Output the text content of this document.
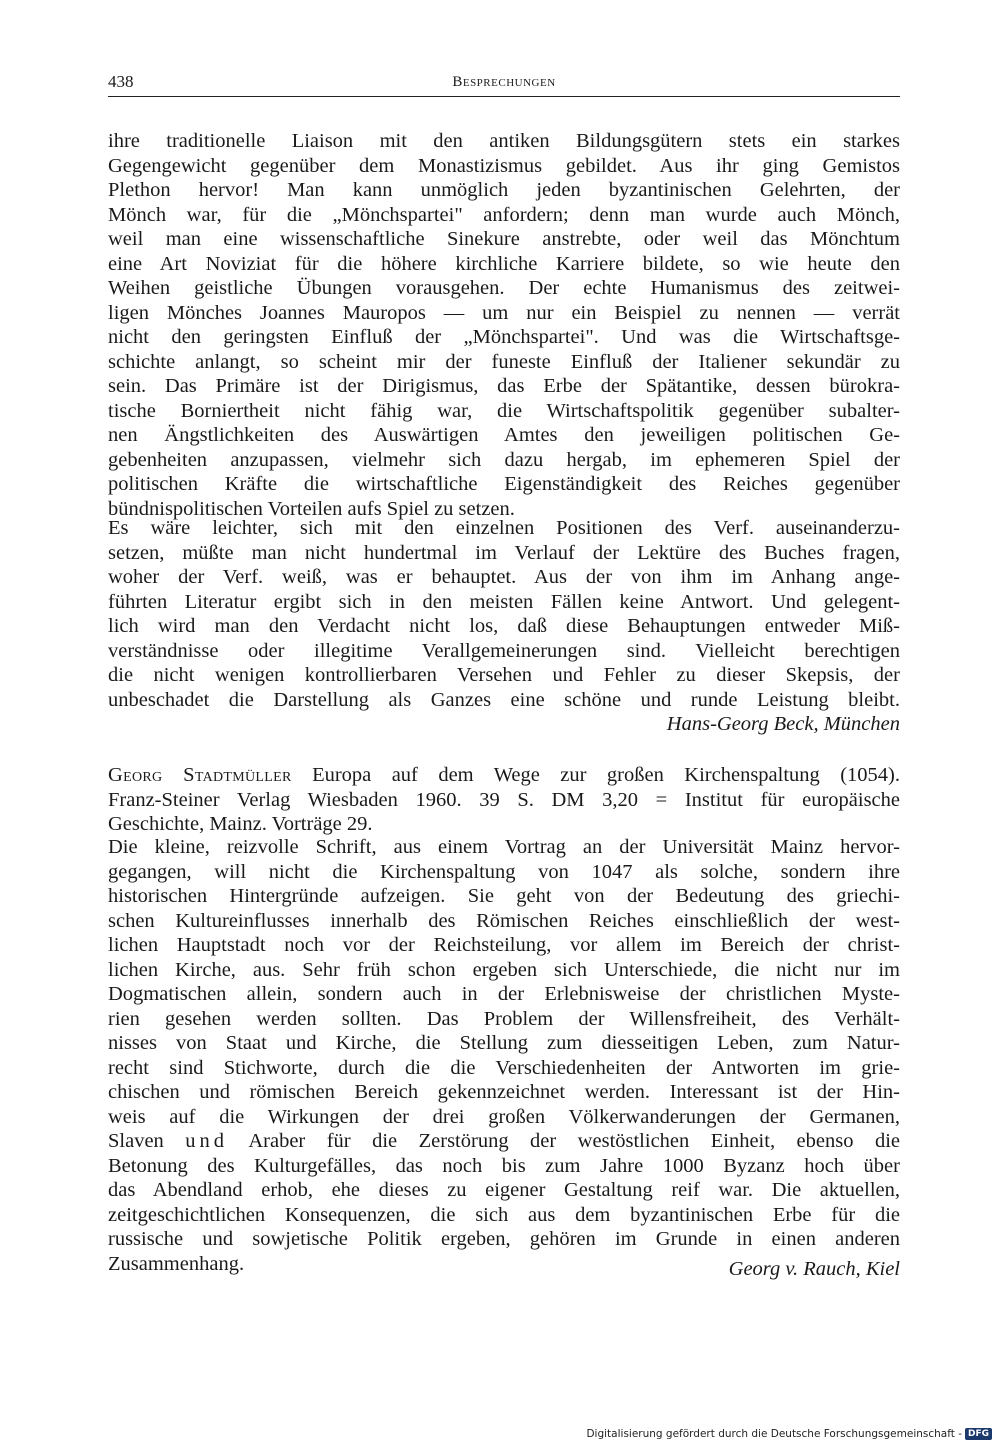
438	Besprechungen
ihre traditionelle Liaison mit den antiken Bildungsgütern stets ein starkes
Gegengewicht gegenüber dem Monastizismus gebildet. Aus ihr ging Gemistos
Plethon hervor! Man kann unmöglich jeden byzantinischen Gelehrten, der
Mönch war, für die „Mönchspartei" anfordern; denn man wurde auch Mönch,
weil man eine wissenschaftliche Sinekure anstrebte, oder weil das Mönchtum
eine Art Noviziat für die höhere kirchliche Karriere bildete, so wie heute den
Weihen geistliche Übungen vorausgehen. Der echte Humanismus des zeitwei-
ligen Mönches Joannes Mauropos — um nur ein Beispiel zu nennen — verrät
nicht den geringsten Einfluß der „Mönchspartei". Und was die Wirtschaftsge-
schichte anlangt, so scheint mir der funeste Einfluß der Italiener sekundär zu
sein. Das Primäre ist der Dirigismus, das Erbe der Spätantike, dessen bürokra-
tische Borniertheit nicht fähig war, die Wirtschaftspolitik gegenüber subalter-
nen Ängstlichkeiten des Auswärtigen Amtes den jeweiligen politischen Ge-
gebenheiten anzupassen, vielmehr sich dazu hergab, im ephemeren Spiel der
politischen Kräfte die wirtschaftliche Eigenständigkeit des Reiches gegenüber
bündnispolitischen Vorteilen aufs Spiel zu setzen.
Es wäre leichter, sich mit den einzelnen Positionen des Verf. auseinanderzu-
setzen, müßte man nicht hundertmal im Verlauf der Lektüre des Buches fragen,
woher der Verf. weiß, was er behauptet. Aus der von ihm im Anhang ange-
führten Literatur ergibt sich in den meisten Fällen keine Antwort. Und gelegent-
lich wird man den Verdacht nicht los, daß diese Behauptungen entweder Miß-
verständnisse oder illegitime Verallgemeinerungen sind. Vielleicht berechtigen
die nicht wenigen kontrollierbaren Versehen und Fehler zu dieser Skepsis, der
unbeschadet die Darstellung als Ganzes eine schöne und runde Leistung bleibt.
Hans-Georg Beck, München
Georg Stadtmüller Europa auf dem Wege zur großen Kirchenspaltung (1054).
Franz-Steiner Verlag Wiesbaden 1960. 39 S. DM 3,20 = Institut für europäische
Geschichte, Mainz. Vorträge 29.
Die kleine, reizvolle Schrift, aus einem Vortrag an der Universität Mainz hervor-
gegangen, will nicht die Kirchenspaltung von 1047 als solche, sondern ihre
historischen Hintergründe aufzeigen. Sie geht von der Bedeutung des griechi-
schen Kultureinflusses innerhalb des Römischen Reiches einschließlich der west-
lichen Hauptstadt noch vor der Reichsteilung, vor allem im Bereich der christ-
lichen Kirche, aus. Sehr früh schon ergeben sich Unterschiede, die nicht nur im
Dogmatischen allein, sondern auch in der Erlebnisweise der christlichen Myste-
rien gesehen werden sollten. Das Problem der Willensfreiheit, des Verhält-
nisses von Staat und Kirche, die Stellung zum diesseitigen Leben, zum Natur-
recht sind Stichworte, durch die die Verschiedenheiten der Antworten im grie-
chischen und römischen Bereich gekennzeichnet werden. Interessant ist der Hin-
weis auf die Wirkungen der drei großen Völkerwanderungen der Germanen,
Slaven und Araber für die Zerstörung der westöstlichen Einheit, ebenso die
Betonung des Kulturgefälles, das noch bis zum Jahre 1000 Byzanz hoch über
das Abendland erhob, ehe dieses zu eigener Gestaltung reif war. Die aktuellen,
zeitgeschichtlichen Konsequenzen, die sich aus dem byzantinischen Erbe für die
russische und sowjetische Politik ergeben, gehören im Grunde in einen anderen
Zusammenhang.	Georg v. Rauch, Kiel
Digitalisierung gefördert durch die Deutsche Forschungsgemeinschaft - DFG
